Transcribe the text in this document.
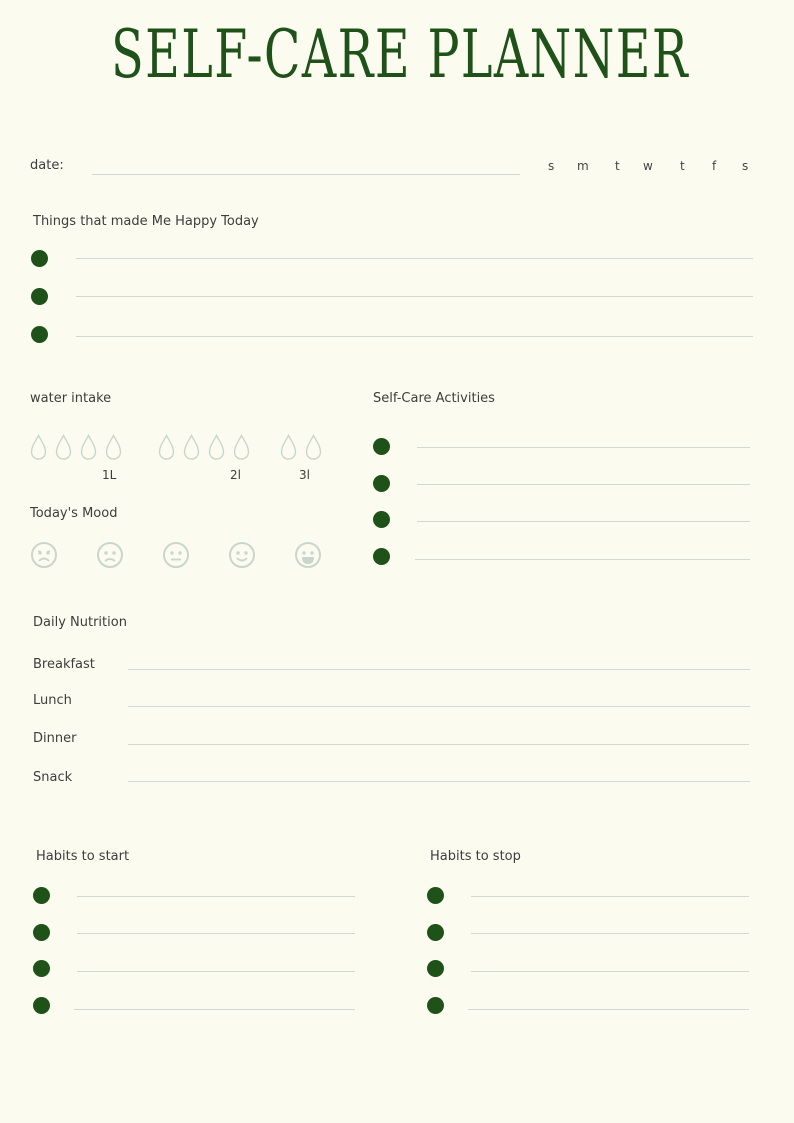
SELF-CARE PLANNER
date:	s m t w t f s
Things that made Me Happy Today
water intake
1L	2l	3l
Today's Mood
Self-Care Activities
Daily Nutrition
Breakfast
Lunch
Dinner
Snack
Habits to start	Habits to stop
